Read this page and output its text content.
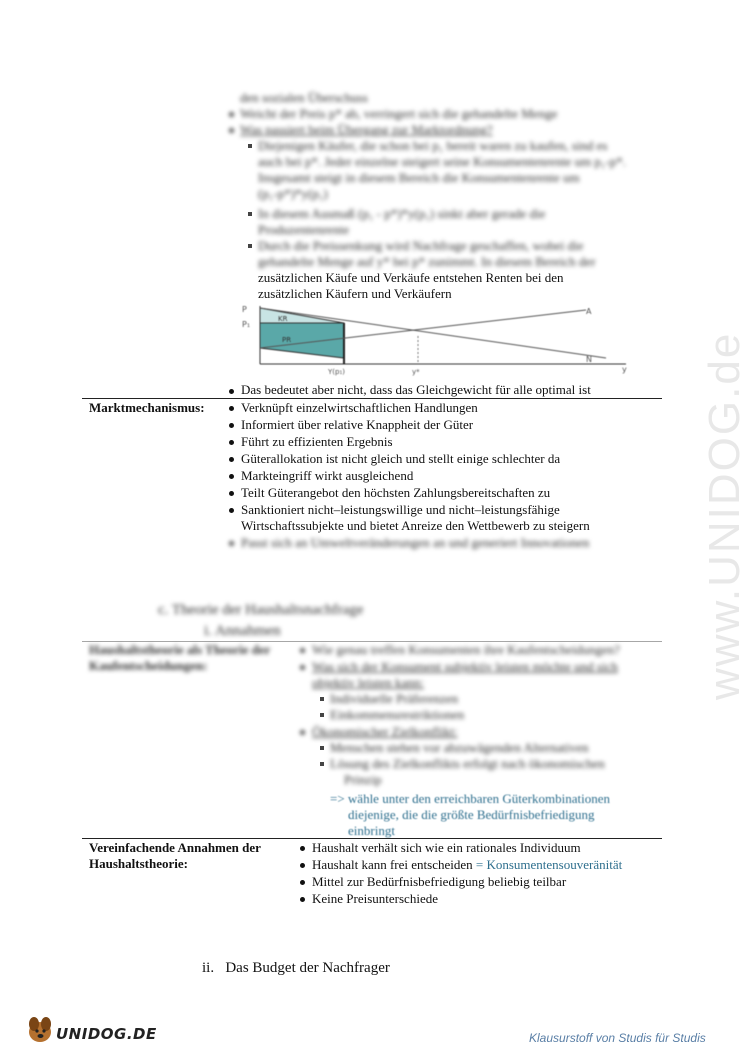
www.UNIDOG.de
den sozialen Überschuss
Weicht der Preis p* ab, verringert sich die gehandelte Menge
Was passiert beim Übergang zur Marktordnung?
Diejenigen Käufer, die schon bei p₁ bereit waren zu kaufen, sind es
auch bei p*. Jeder einzelne steigert seine Konsumentenrente um p₁-p*.
Insgesamt steigt in diesem Bereich die Konsumentenrente um
(p₁-p*)*y(p₁)
In diesem Ausmaß (p₁ - p*)*y(p₁) sinkt aber gerade die
Produzentenrente
Durch die Preissenkung wird Nachfrage geschaffen, wobei die
gehandelte Menge auf y* bei p* zunimmt. In diesem Bereich der
zusätzlichen Käufe und Verkäufe entstehen Renten bei den
zusätzlichen Käufern und Verkäufern
P
P₁
KR
PR
Y(p₁)	y*
A
N
y
Das bedeutet aber nicht, dass das Gleichgewicht für alle optimal ist
Marktmechanismus:	Verknüpft einzelwirtschaftlichen Handlungen
Informiert über relative Knappheit der Güter
Führt zu effizienten Ergebnis
Güterallokation ist nicht gleich und stellt einige schlechter da
Markteingriff wirkt ausgleichend
Teilt Güterangebot den höchsten Zahlungsbereitschaften zu
Sanktioniert nicht–leistungswillige und nicht–leistungsfähige
Wirtschaftssubjekte und bietet Anreize den Wettbewerb zu steigern
Passt sich an Umweltveränderungen an und generiert Innovationen
c. Theorie der Haushaltsnachfrage
i. Annahmen
Haushaltstheorie als Theorie der
Kaufentscheidungen:
Wie genau treffen Konsumenten ihre Kaufentscheidungen?
Was sich der Konsument subjektiv leisten möchte und sich
objektiv leisten kann:
Individuelle Präferenzen
Einkommensrestriktionen
Ökonomischer Zielkonflikt:
Menschen stehen vor abzuwägenden Alternativen
Lösung des Zielkonflikts erfolgt nach ökonomischen
Prinzip
=> wähle unter den erreichbaren Güterkombinationen
diejenige, die die größte Bedürfnisbefriedigung
einbringt
Vereinfachende Annahmen der
Haushaltstheorie:
Haushalt verhält sich wie ein rationales Individuum
Haushalt kann frei entscheiden = Konsumentensouveränität
Mittel zur Bedürfnisbefriedigung beliebig teilbar
Keine Preisunterschiede
ii.   Das Budget der Nachfrager
UNIDOG.DE	Klausurstoff von Studis für Studis
